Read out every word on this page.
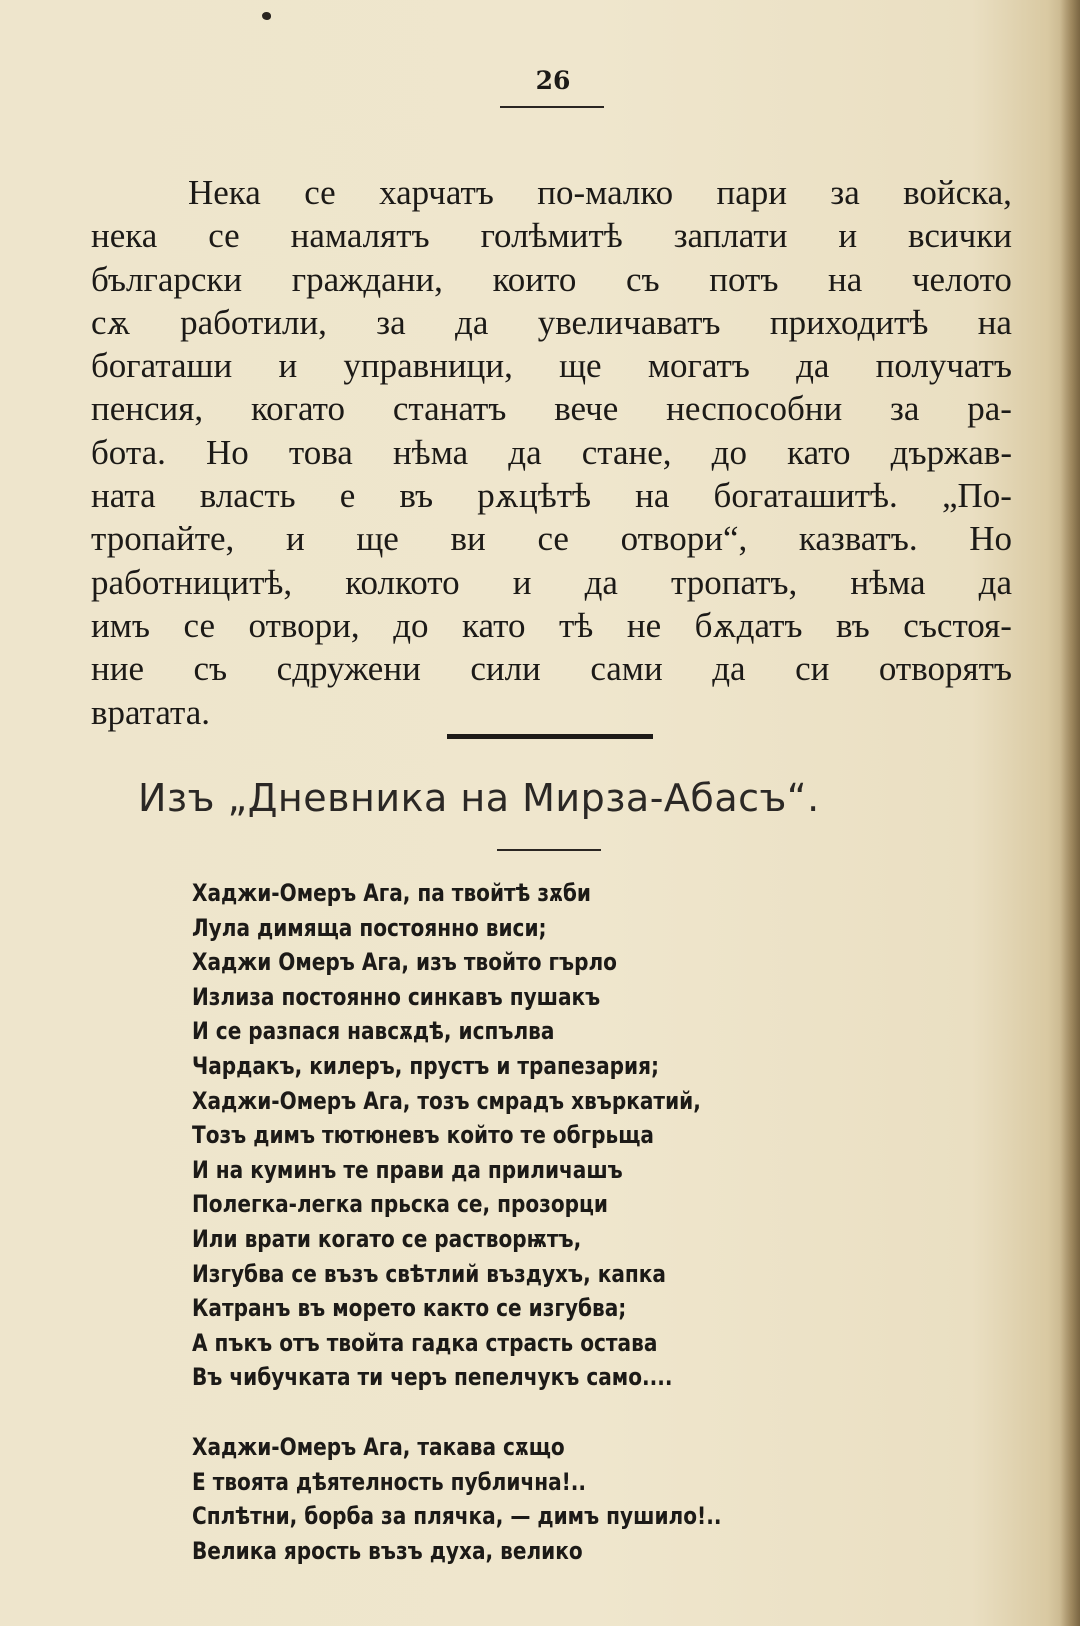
26
Нека се харчатъ по-малко пари за войска,
нека се намалятъ голѣмитѣ заплати и всички
български граждани, които съ потъ на челото
сѫ работили, за да увеличаватъ приходитѣ на
богаташи и управници, ще могатъ да получатъ
пенсия, когато станатъ вече неспособни за ра-
бота. Но това нѣма да стане, до като държав-
ната власть е въ рѫцѣтѣ на богаташитѣ. „По-
тропайте, и ще ви се отвори“, казватъ. Но
работницитѣ, колкото и да тропатъ, нѣма да
имъ се отвори, до като тѣ не бѫдатъ въ състоя-
ние съ сдружени сили сами да си отворятъ
вратата.
Изъ „Дневника на Мирза-Абасъ“.
Хаджи-Омеръ Ага, па твойтѣ зѫби
Лула димяща постоянно виси;
Хаджи Омеръ Ага, изъ твойто гърло
Излиза постоянно синкавъ пушакъ
И се разпася навсѫдѣ, испълва
Чардакъ, килеръ, прустъ и трапезария;
Хаджи-Омеръ Ага, тозъ смрадъ хвъркатий,
Тозъ димъ тютюневъ който те обгрьща
И на куминъ те прави да приличашъ
Полегка-легка прьска се, прозорци
Или врати когато се растворѭтъ,
Изгубва се възъ свѣтлий въздухъ, капка
Катранъ въ морето както се изгубва;
А пъкъ отъ твойта гадка страсть остава
Въ чибучката ти черъ пепелчукъ само....
Хаджи-Омеръ Ага, такава сѫщо
Е твоята дѣятелность публична!..
Сплѣтни, борба за плячка, — димъ пушило!..
Велика ярость възъ духа, велико
